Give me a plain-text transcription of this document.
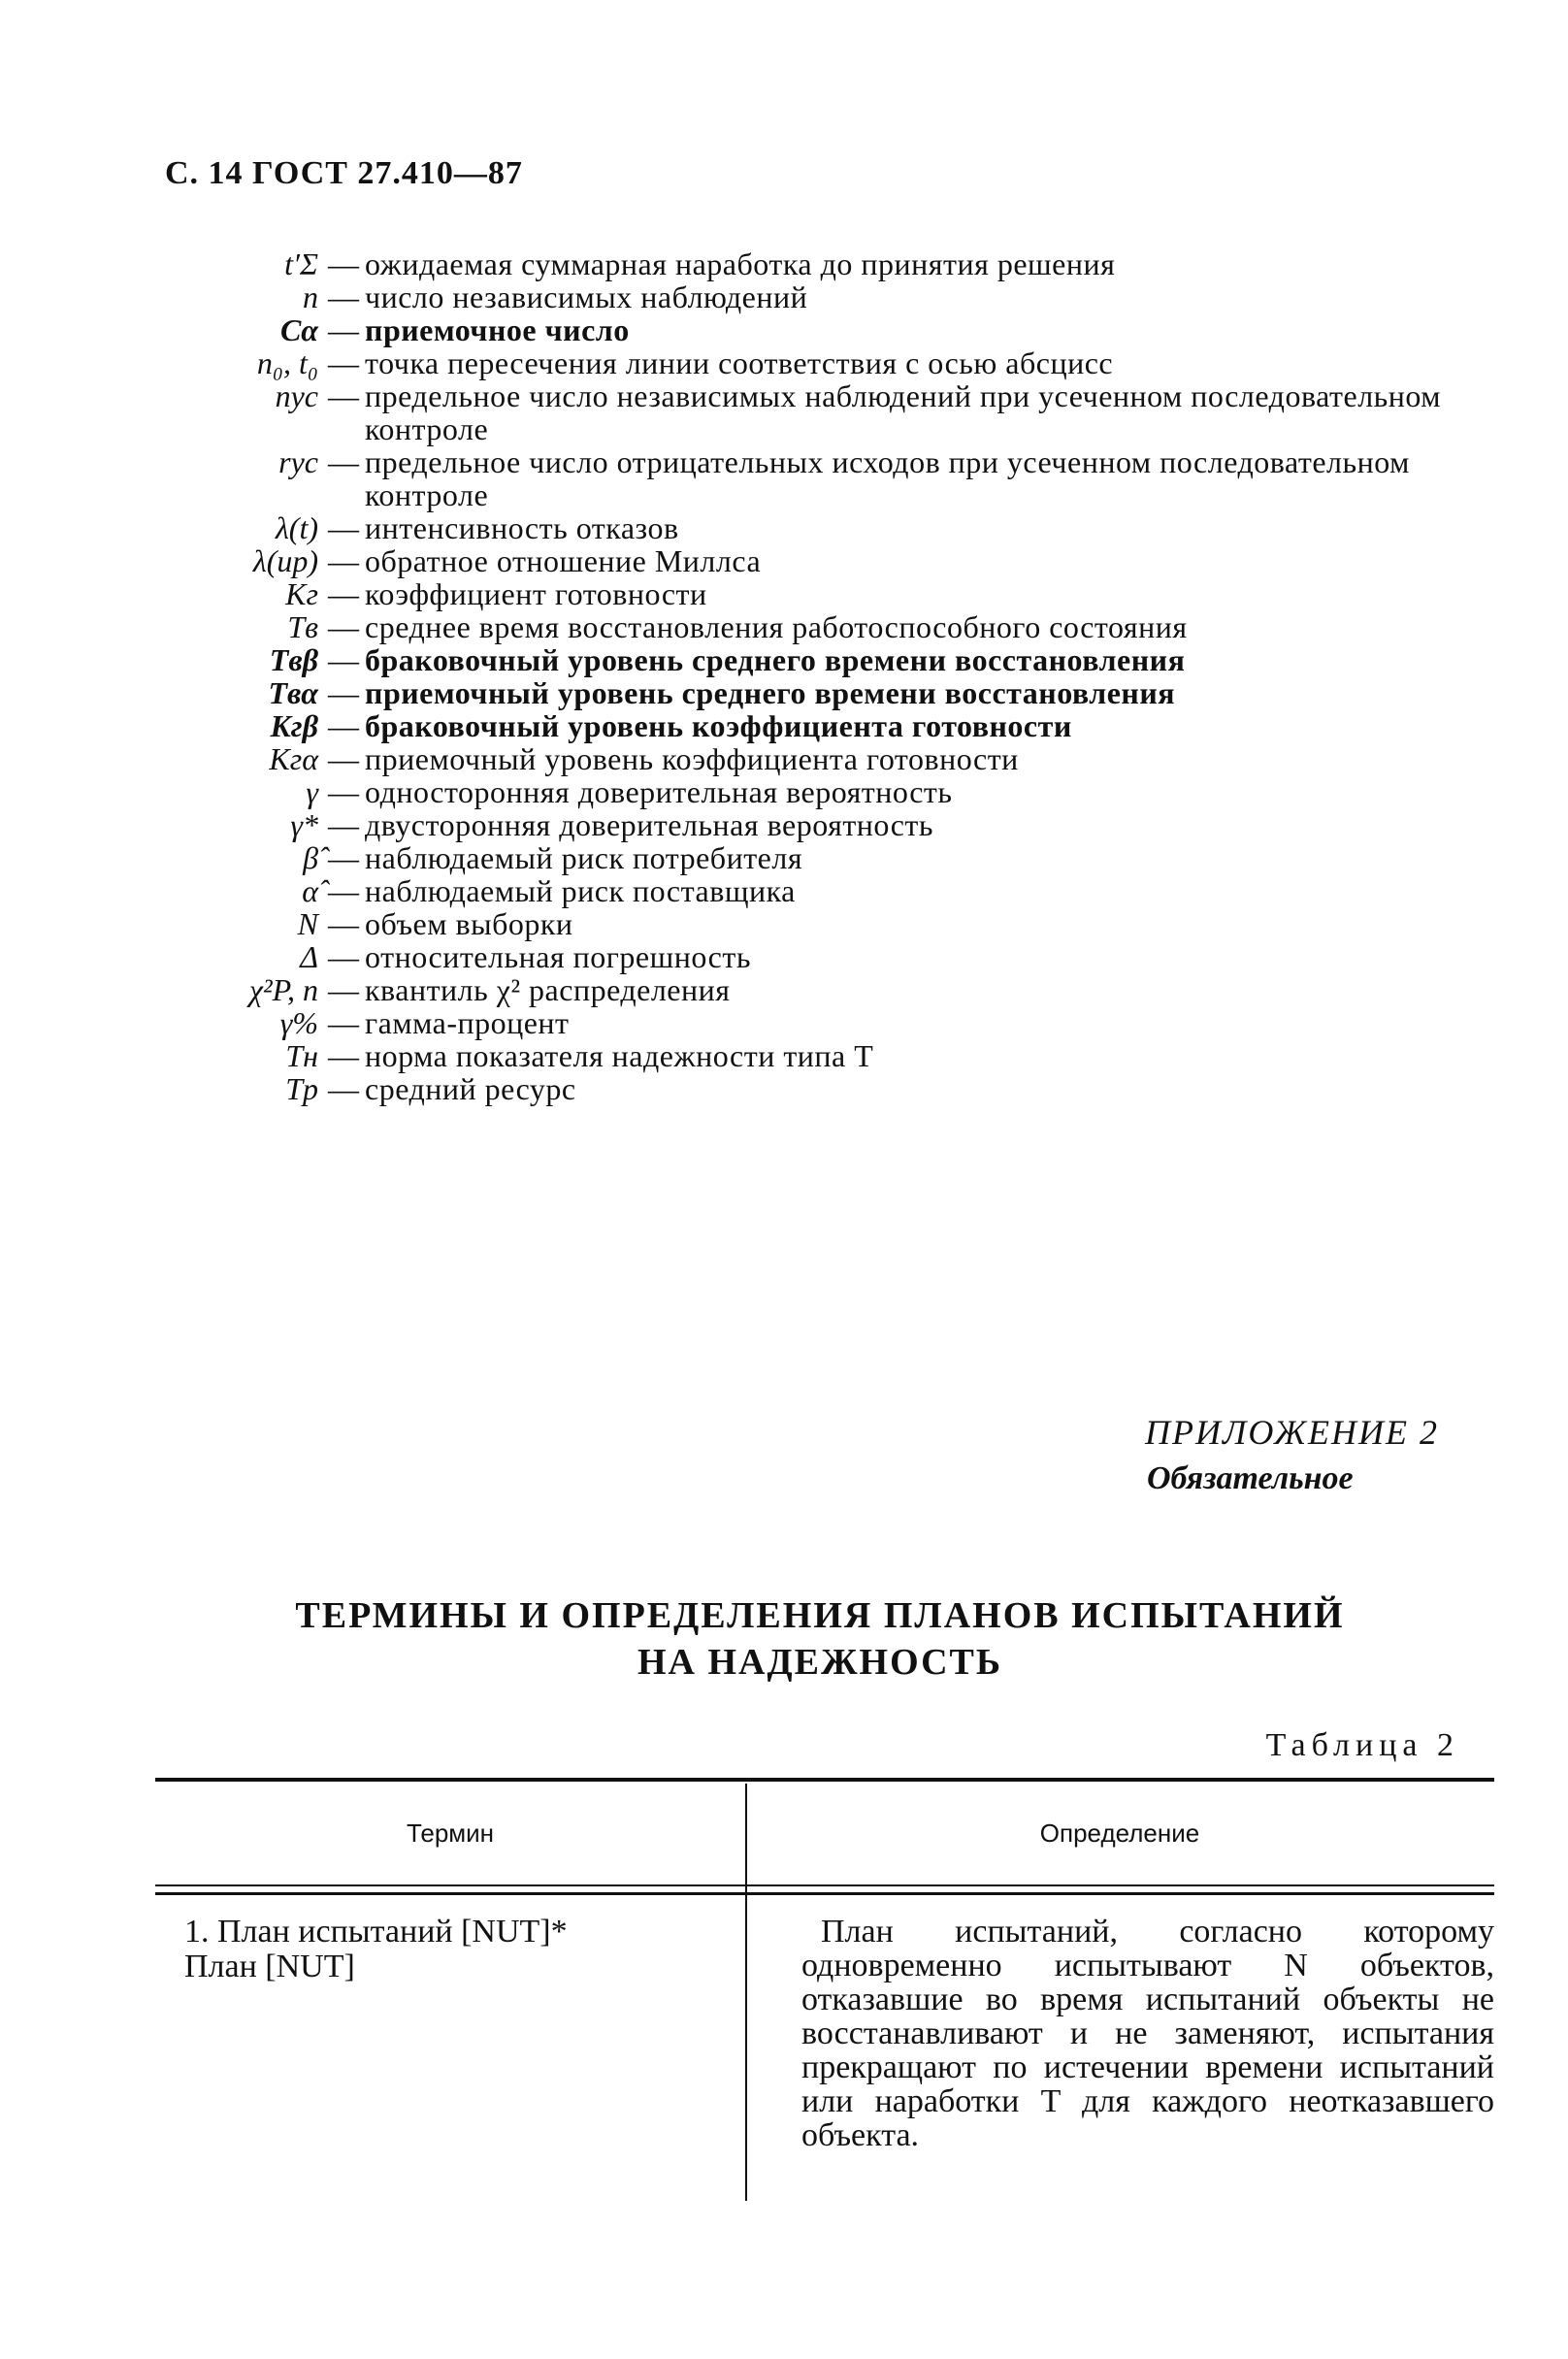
С. 14 ГОСТ 27.410—87
t′Σ — ожидаемая суммарная наработка до принятия решения
n — число независимых наблюдений
Cα — приемочное число
n₀, t₀ — точка пересечения линии соответствия с осью абсцисс
nус — предельное число независимых наблюдений при усеченном последовательном контроле
rус — предельное число отрицательных исходов при усеченном последовательном контроле
λ(t) — интенсивность отказов
λ(up) — обратное отношение Миллса
Kг — коэффициент готовности
Tв — среднее время восстановления работоспособного состояния
Tвβ — браковочный уровень среднего времени восстановления
Tвα — приемочный уровень среднего времени восстановления
Kгβ — браковочный уровень коэффициента готовности
Kгα — приемочный уровень коэффициента готовности
γ — односторонняя доверительная вероятность
γ* — двусторонняя доверительная вероятность
β̂ — наблюдаемый риск потребителя
α̂ — наблюдаемый риск поставщика
N — объем выборки
Δ — относительная погрешность
χ²P, n — квантиль χ² распределения
γ% — гамма-процент
Tн — норма показателя надежности типа T
Tр — средний ресурс
ПРИЛОЖЕНИЕ 2
Обязательное
ТЕРМИНЫ И ОПРЕДЕЛЕНИЯ ПЛАНОВ ИСПЫТАНИЙ
НА НАДЕЖНОСТЬ
Таблица 2
Термин	Определение
1. План испытаний [NUT]*
План [NUT]
План испытаний, согласно которому одновременно испытывают N объектов, отказавшие во время испытаний объекты не восстанавливают и не заменяют, испытания прекращают по истечении времени испытаний или наработки T для каждого неотказавшего объекта.
